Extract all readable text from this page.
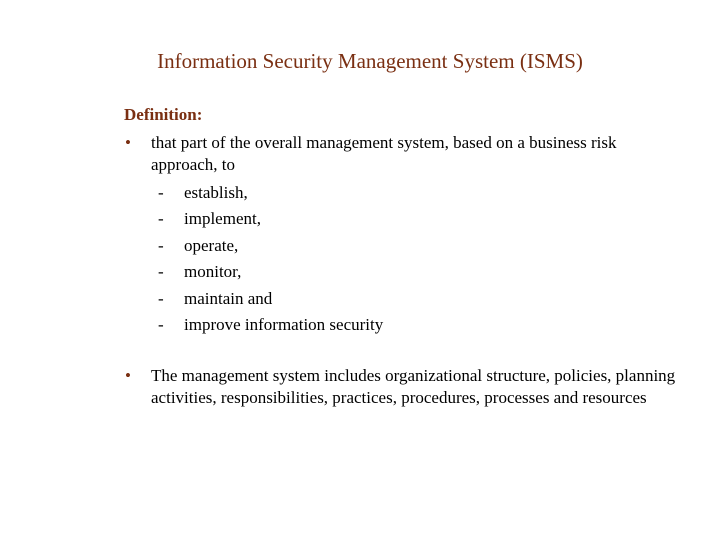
Information Security Management System (ISMS)
Definition:
• that part of the overall management system, based on a business risk approach, to
- establish,
- implement,
- operate,
- monitor,
- maintain and
- improve information security
• The management system includes organizational structure, policies, planning activities, responsibilities, practices, procedures, processes and resources
